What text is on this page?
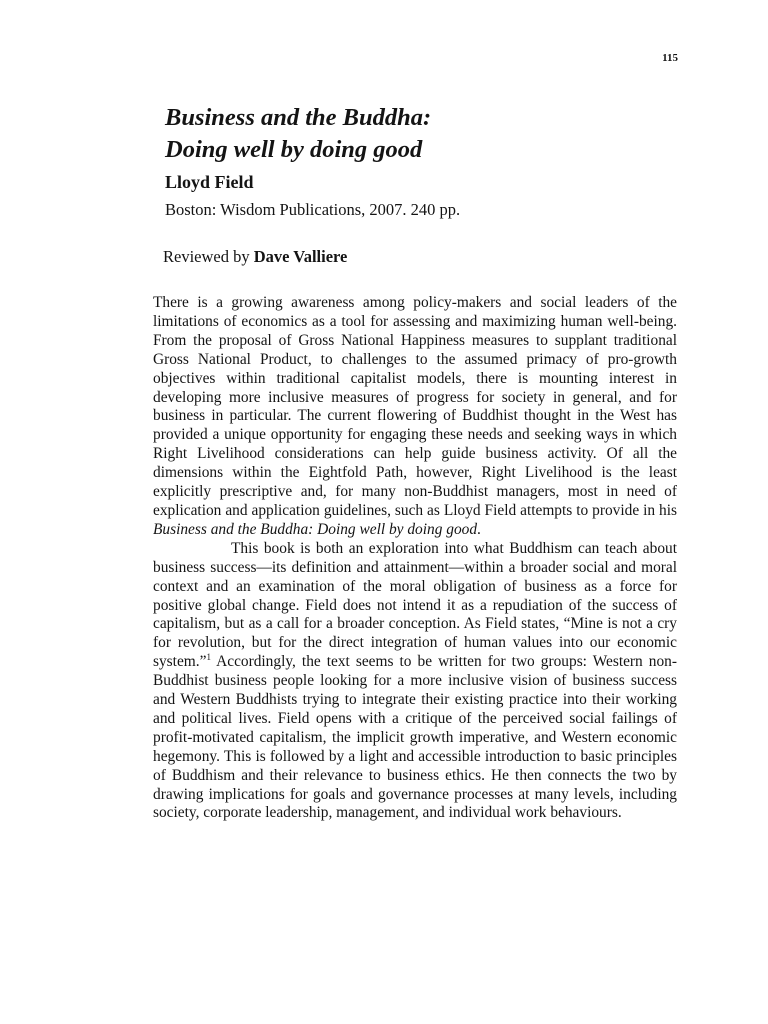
115
Business and the Buddha:
Doing well by doing good

Lloyd Field

Boston: Wisdom Publications, 2007. 240 pp.

Reviewed by Dave Valliere

There is a growing awareness among policy-makers and social leaders of the limitations of economics as a tool for assessing and maximizing human well-being. From the proposal of Gross National Happiness measures to supplant traditional Gross National Product, to challenges to the assumed primacy of pro-growth objectives within traditional capitalist models, there is mounting interest in developing more inclusive measures of progress for society in general, and for business in particular. The current flowering of Buddhist thought in the West has provided a unique opportunity for engaging these needs and seeking ways in which Right Livelihood considerations can help guide business activity. Of all the dimensions within the Eightfold Path, however, Right Livelihood is the least explicitly prescriptive and, for many non-Buddhist managers, most in need of explication and application guidelines, such as Lloyd Field attempts to provide in his Business and the Buddha: Doing well by doing good.

This book is both an exploration into what Buddhism can teach about business success—its definition and attainment—within a broader social and moral context and an examination of the moral obligation of business as a force for positive global change. Field does not intend it as a repudiation of the success of capitalism, but as a call for a broader conception. As Field states, “Mine is not a cry for revolution, but for the direct integration of human values into our economic system.”$^1$ Accordingly, the text seems to be written for two groups: Western non-Buddhist business people looking for a more inclusive vision of business success and Western Buddhists trying to integrate their existing practice into their working and political lives. Field opens with a critique of the perceived social failings of profit-motivated capitalism, the implicit growth imperative, and Western economic hegemony. This is followed by a light and accessible introduction to basic principles of Buddhism and their relevance to business ethics. He then connects the two by drawing implications for goals and governance processes at many levels, including society, corporate leadership, management, and individual work behaviours.
